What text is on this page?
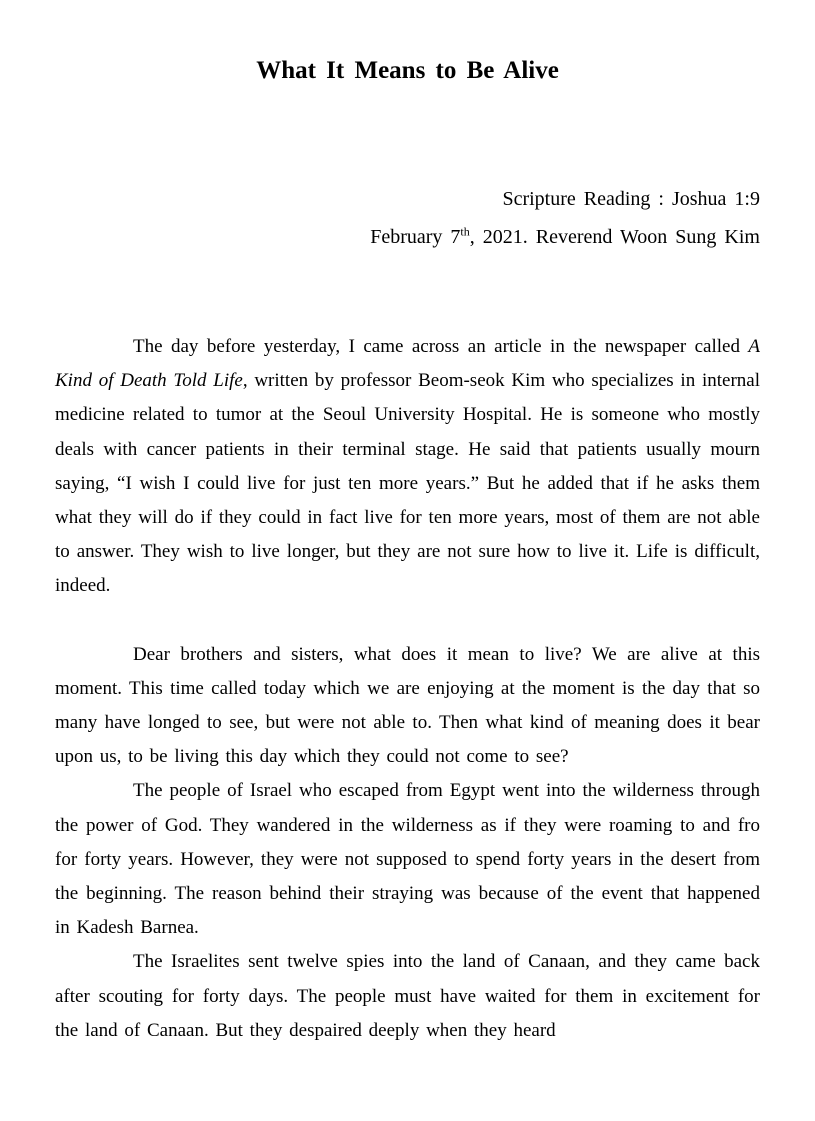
What It Means to Be Alive
Scripture Reading : Joshua 1:9
February 7th, 2021. Reverend Woon Sung Kim

The day before yesterday, I came across an article in the newspaper called A Kind of Death Told Life, written by professor Beom-seok Kim who specializes in internal medicine related to tumor at the Seoul University Hospital. He is someone who mostly deals with cancer patients in their terminal stage. He said that patients usually mourn saying, “I wish I could live for just ten more years.” But he added that if he asks them what they will do if they could in fact live for ten more years, most of them are not able to answer. They wish to live longer, but they are not sure how to live it. Life is difficult, indeed.

Dear brothers and sisters, what does it mean to live? We are alive at this moment. This time called today which we are enjoying at the moment is the day that so many have longed to see, but were not able to. Then what kind of meaning does it bear upon us, to be living this day which they could not come to see?

The people of Israel who escaped from Egypt went into the wilderness through the power of God. They wandered in the wilderness as if they were roaming to and fro for forty years. However, they were not supposed to spend forty years in the desert from the beginning. The reason behind their straying was because of the event that happened in Kadesh Barnea.

The Israelites sent twelve spies into the land of Canaan, and they came back after scouting for forty days. The people must have waited for them in excitement for the land of Canaan. But they despaired deeply when they heard
